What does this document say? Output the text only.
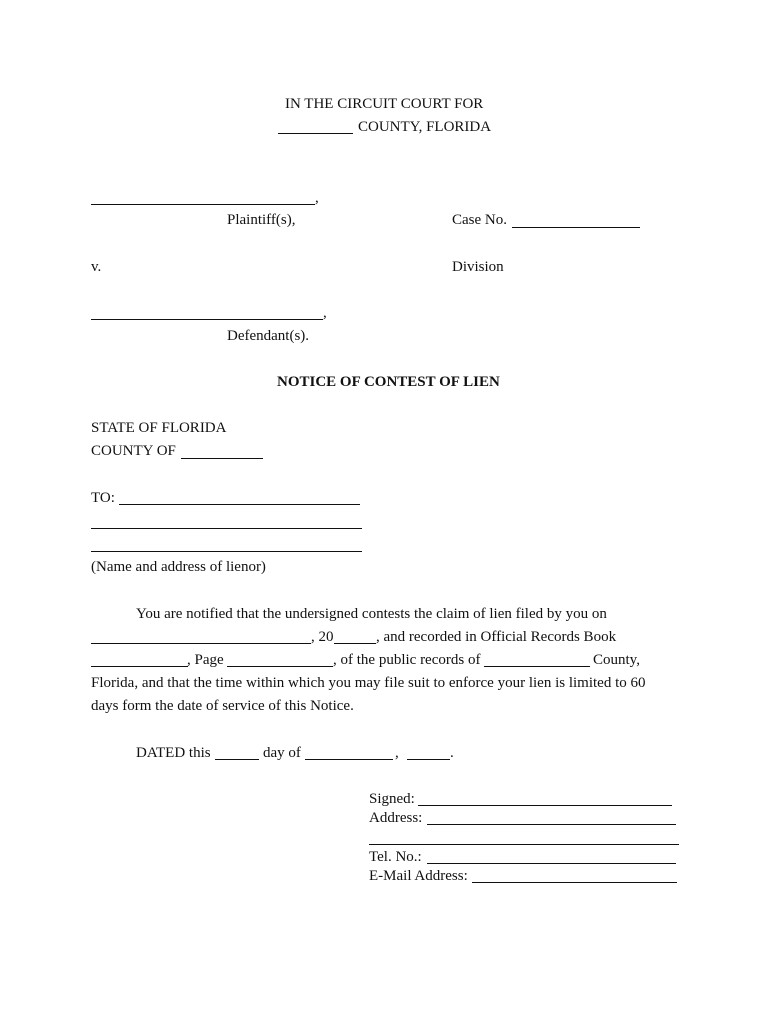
IN THE CIRCUIT COURT FOR
COUNTY, FLORIDA
,
Plaintiff(s),	Case No.
v.	Division
,
Defendant(s).
NOTICE OF CONTEST OF LIEN
STATE OF FLORIDA
COUNTY OF
TO:
(Name and address of lienor)
You are notified that the undersigned contests the claim of lien filed by you on
, 20	, and recorded in Official Records Book
, Page	, of the public records of	County,
Florida, and that the time within which you may file suit to enforce your lien is limited to 60
days form the date of service of this Notice.
DATED this	day of	,	.
Signed:
Address:
Tel. No.:
E-Mail Address:
